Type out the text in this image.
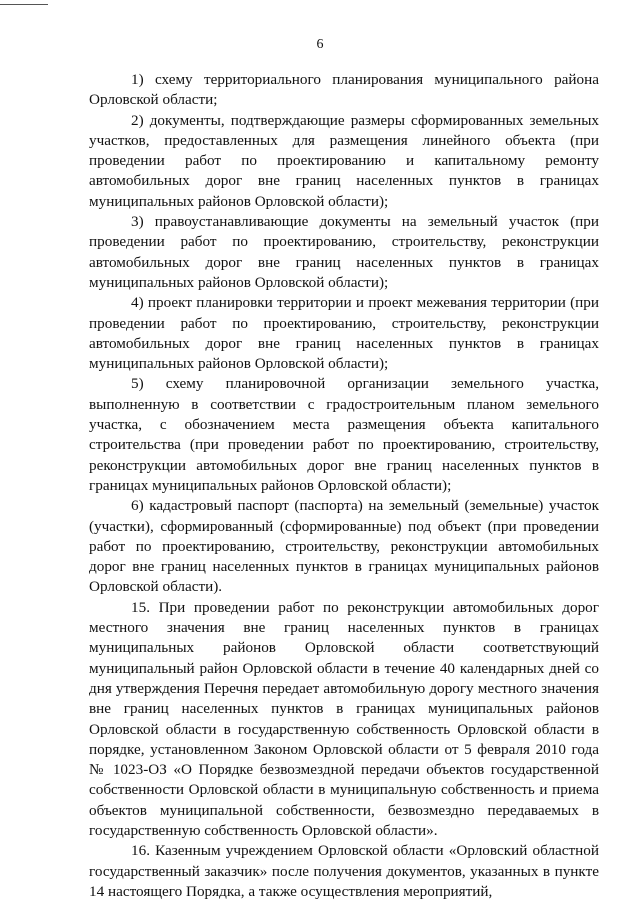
6

1) схему территориального планирования муниципального района Орловской области;

2) документы, подтверждающие размеры сформированных земельных участков, предоставленных для размещения линейного объекта (при проведении работ по проектированию и капитальному ремонту автомобильных дорог вне границ населенных пунктов в границах муниципальных районов Орловской области);

3) правоустанавливающие документы на земельный участок (при проведении работ по проектированию, строительству, реконструкции автомобильных дорог вне границ населенных пунктов в границах муниципальных районов Орловской области);

4) проект планировки территории и проект межевания территории (при проведении работ по проектированию, строительству, реконструкции автомобильных дорог вне границ населенных пунктов в границах муниципальных районов Орловской области);

5) схему планировочной организации земельного участка, выполненную в соответствии с градостроительным планом земельного участка, с обозначением места размещения объекта капитального строительства (при проведении работ по проектированию, строительству, реконструкции автомобильных дорог вне границ населенных пунктов в границах муниципальных районов Орловской области);

6) кадастровый паспорт (паспорта) на земельный (земельные) участок (участки), сформированный (сформированные) под объект (при проведении работ по проектированию, строительству, реконструкции автомобильных дорог вне границ населенных пунктов в границах муниципальных районов Орловской области).

15. При проведении работ по реконструкции автомобильных дорог местного значения вне границ населенных пунктов в границах муниципальных районов Орловской области соответствующий муниципальный район Орловской области в течение 40 календарных дней со дня утверждения Перечня передает автомобильную дорогу местного значения вне границ населенных пунктов в границах муниципальных районов Орловской области в государственную собственность Орловской области в порядке, установленном Законом Орловской области от 5 февраля 2010 года № 1023-ОЗ «О Порядке безвозмездной передачи объектов государственной собственности Орловской области в муниципальную собственность и приема объектов муниципальной собственности, безвозмездно передаваемых в государственную собственность Орловской области».

16. Казенным учреждением Орловской области «Орловский областной государственный заказчик» после получения документов, указанных в пункте 14 настоящего Порядка, а также осуществления мероприятий,
